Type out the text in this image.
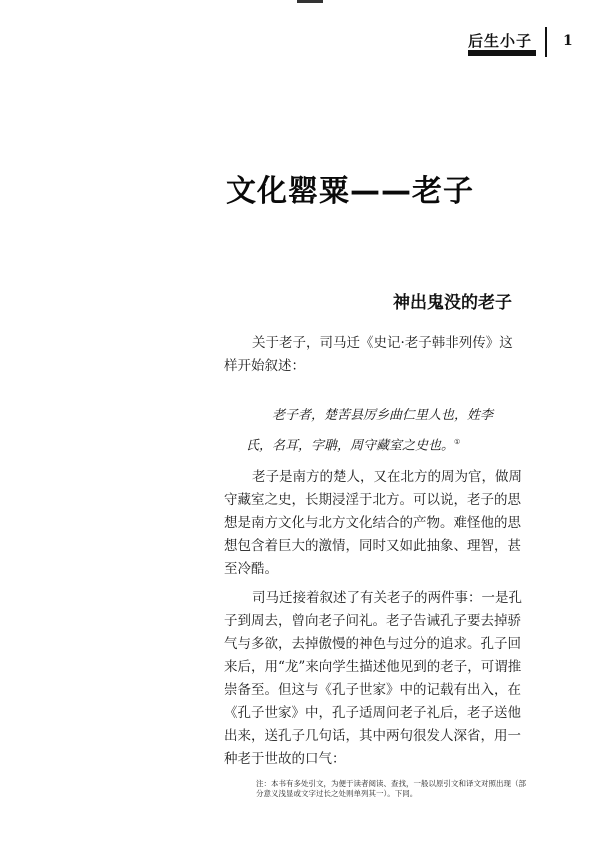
后生小子 1
文化罂粟——老子
神出鬼没的老子
关于老子，司马迁《史记·老子韩非列传》这样开始叙述：
老子者，楚苦县厉乡曲仁里人也，姓李氏，名耳，字聃，周守藏室之史也。①
老子是南方的楚人，又在北方的周为官，做周守藏室之史，长期浸淫于北方。可以说，老子的思想是南方文化与北方文化结合的产物。难怪他的思想包含着巨大的激情，同时又如此抽象、理智，甚至冷酷。
司马迁接着叙述了有关老子的两件事：一是孔子到周去，曾向老子问礼。老子告诫孔子要去掉骄气与多欲，去掉傲慢的神色与过分的追求。孔子回来后，用“龙”来向学生描述他见到的老子，可谓推崇备至。但这与《孔子世家》中的记载有出入，在《孔子世家》中，孔子适周问老子礼后，老子送他出来，送孔子几句话，其中两句很发人深省，用一种老于世故的口气：
注：本书有多处引文，为便于读者阅读、查找，一般以原引文和译文对照出现（部分意义浅显或文字过长之处则单列其一）。下同。
